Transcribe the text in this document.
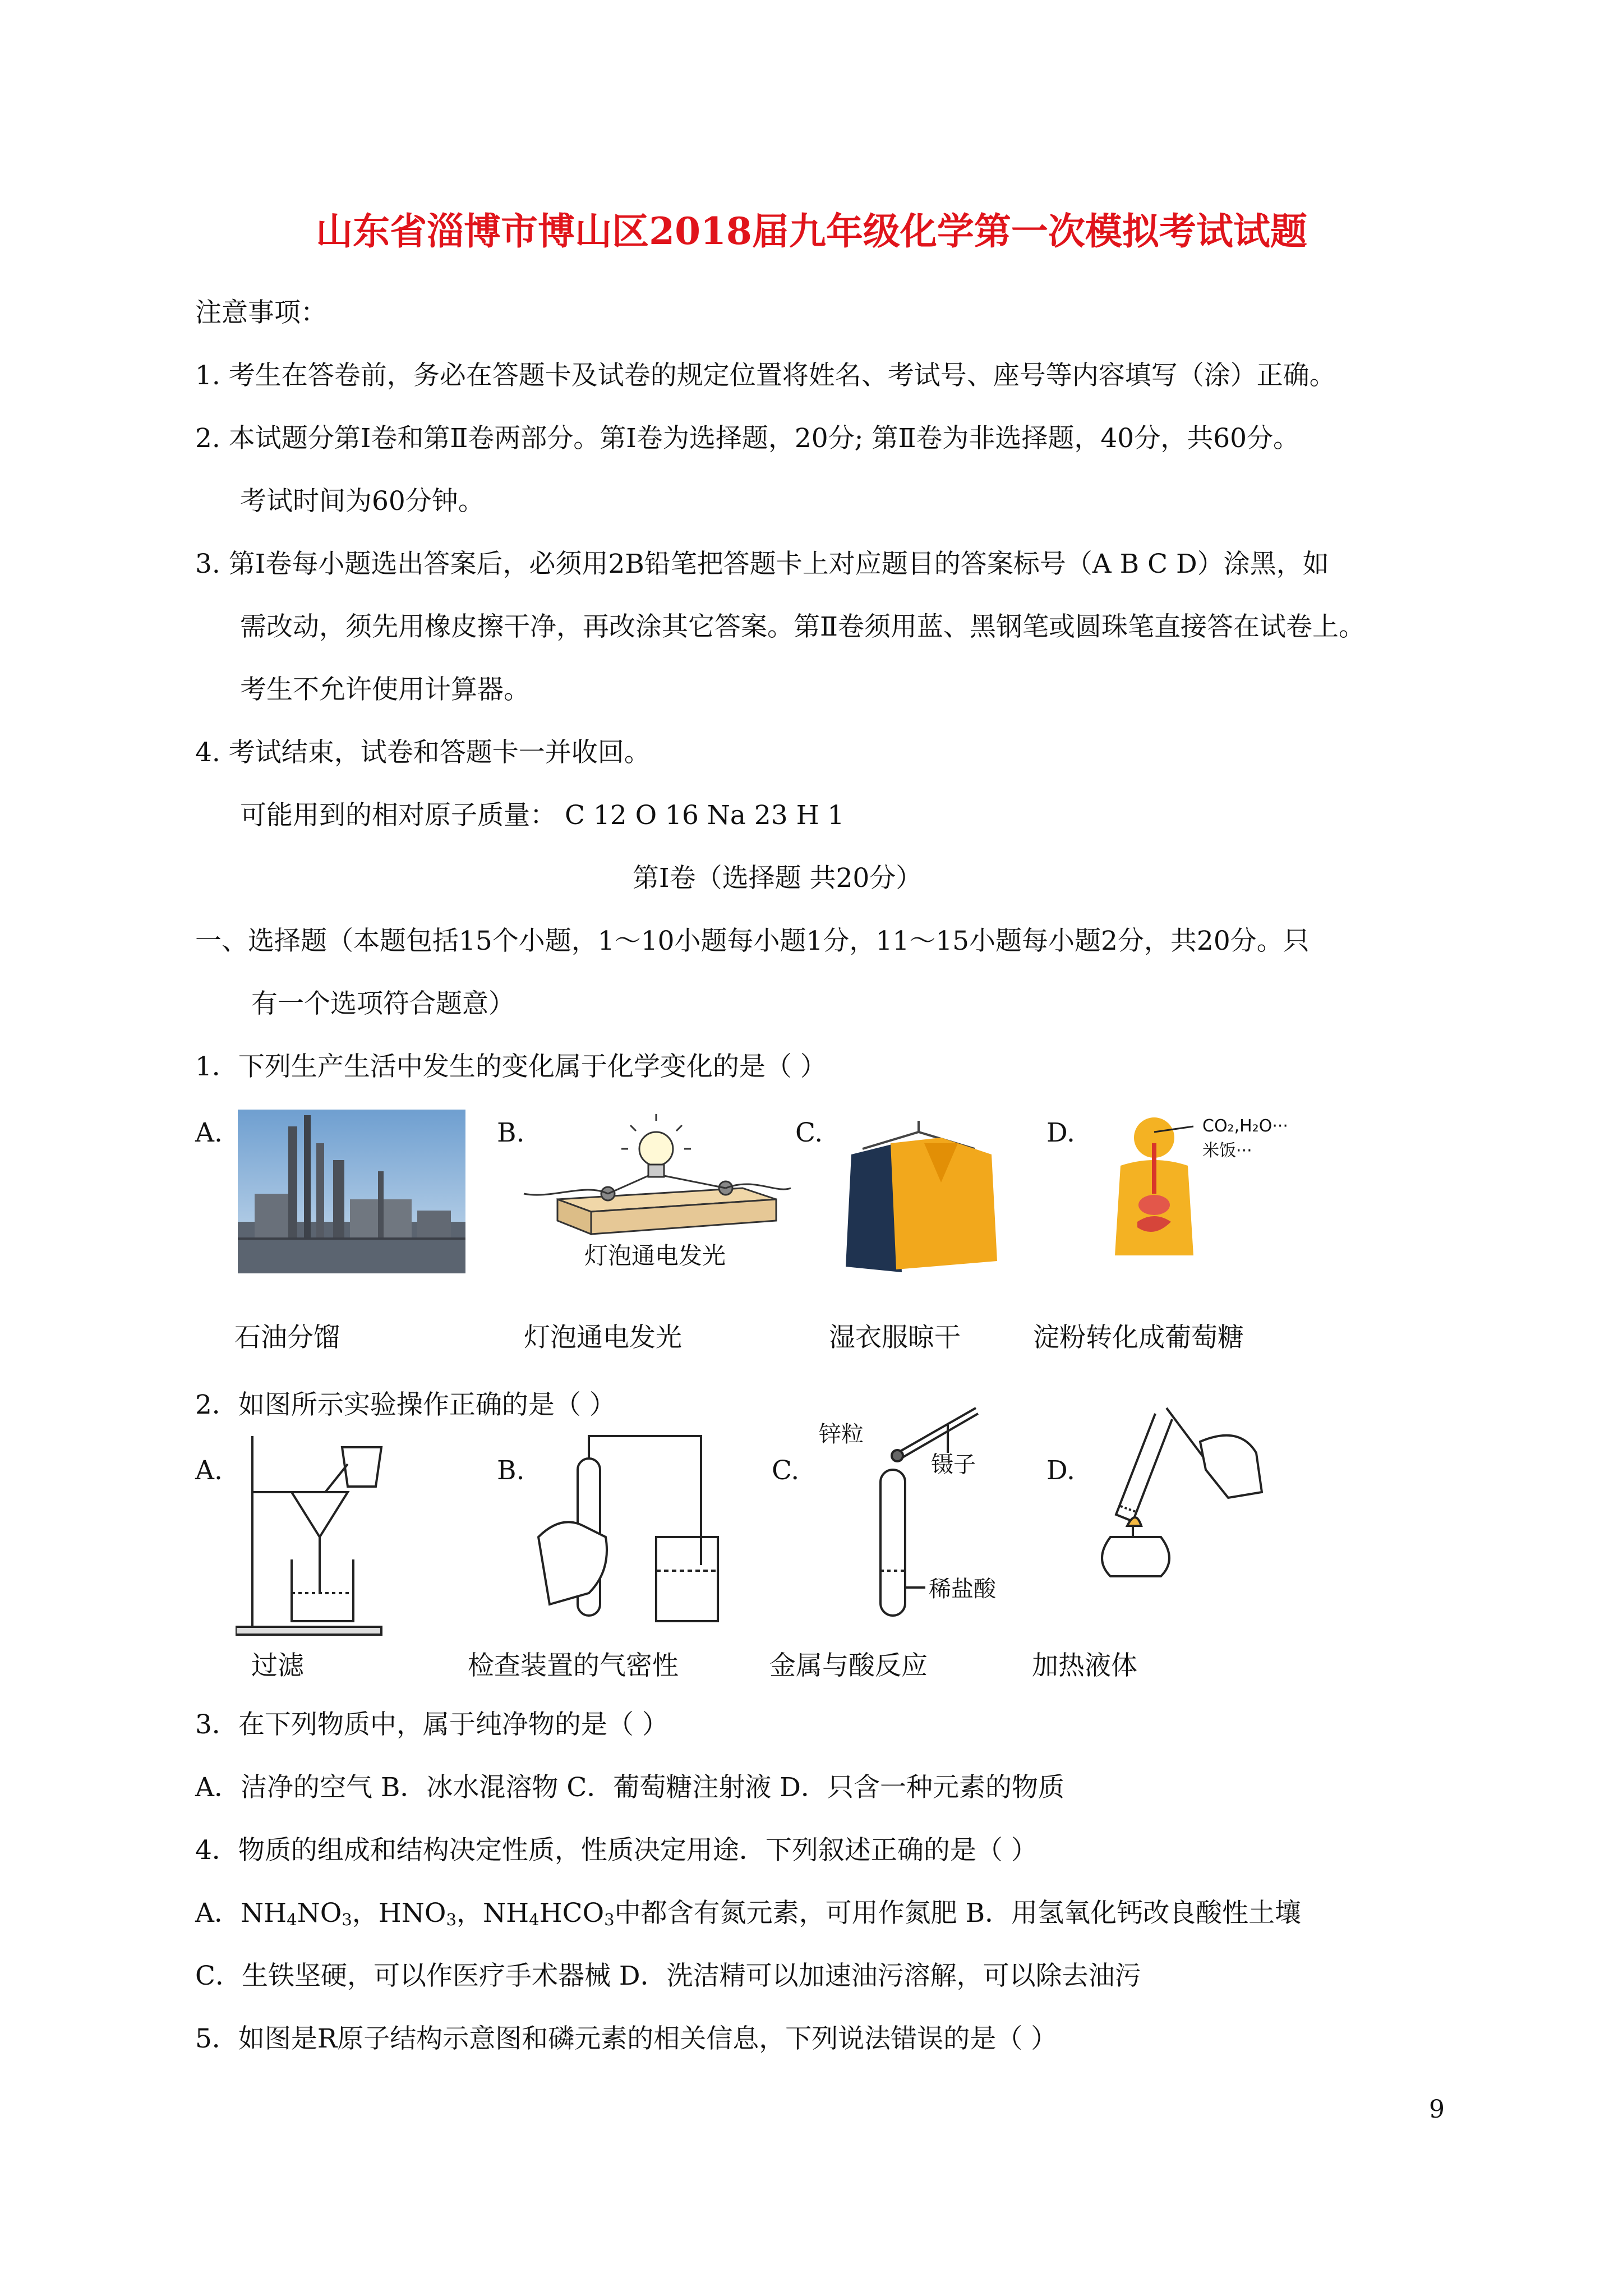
山东省淄博市博山区2018届九年级化学第一次模拟考试试题
注意事项：
1. 考生在答卷前，务必在答题卡及试卷的规定位置将姓名、考试号、座号等内容填写（涂）正确。
2. 本试题分第Ⅰ卷和第Ⅱ卷两部分。第Ⅰ卷为选择题，20分; 第Ⅱ卷为非选择题，40分，共60分。
考试时间为60分钟。
3. 第Ⅰ卷每小题选出答案后，必须用2B铅笔把答题卡上对应题目的答案标号（A B C D）涂黑，如
需改动，须先用橡皮擦干净，再改涂其它答案。第Ⅱ卷须用蓝、黑钢笔或圆珠笔直接答在试卷上。
考生不允许使用计算器。
4. 考试结束，试卷和答题卡一并收回。
可能用到的相对原子质量： C 12 O 16 Na 23 H 1
第Ⅰ卷（选择题 共20分）
一、选择题（本题包括15个小题，1～10小题每小题1分，11～15小题每小题2分，共20分。只
有一个选项符合题意）
1．下列生产生活中发生的变化属于化学变化的是（ ）
A.
石油分馏
B.
灯泡通电发光
灯泡通电发光
C.
湿衣服晾干
D.	CO₂,H₂O···
米饭···
淀粉转化成葡萄糖
2．如图所示实验操作正确的是（ ）
A.
过滤
B.
检查装置的气密性
C.
锌粒
镊子
稀盐酸
金属与酸反应
D.
加热液体
3．在下列物质中，属于纯净物的是（ ）
A．洁净的空气 B．冰水混溶物 C．葡萄糖注射液 D．只含一种元素的物质
4．物质的组成和结构决定性质，性质决定用途．下列叙述正确的是（ ）
A．$NH_4NO_3$，$HNO_3$，$NH_4HCO_3$中都含有氮元素，可用作氮肥 B．用氢氧化钙改良酸性土壤
C．生铁坚硬，可以作医疗手术器械 D．洗洁精可以加速油污溶解，可以除去油污
5．如图是R原子结构示意图和磷元素的相关信息，下列说法错误的是（ ）
9
